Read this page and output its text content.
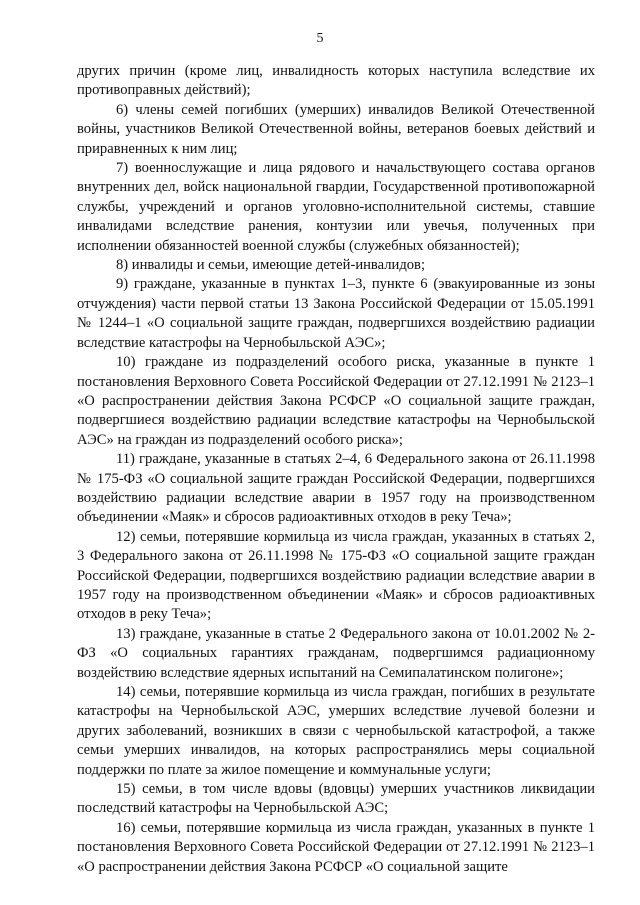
5

других причин (кроме лиц, инвалидность которых наступила вследствие их противоправных действий);

6) члены семей погибших (умерших) инвалидов Великой Отечественной войны, участников Великой Отечественной войны, ветеранов боевых действий и приравненных к ним лиц;

7) военнослужащие и лица рядового и начальствующего состава органов внутренних дел, войск национальной гвардии, Государственной противопожарной службы, учреждений и органов уголовно-исполнительной системы, ставшие инвалидами вследствие ранения, контузии или увечья, полученных при исполнении обязанностей военной службы (служебных обязанностей);

8) инвалиды и семьи, имеющие детей-инвалидов;

9) граждане, указанные в пунктах 1–3, пункте 6 (эвакуированные из зоны отчуждения) части первой статьи 13 Закона Российской Федерации от 15.05.1991 № 1244–1 «О социальной защите граждан, подвергшихся воздействию радиации вследствие катастрофы на Чернобыльской АЭС»;

10) граждане из подразделений особого риска, указанные в пункте 1 постановления Верховного Совета Российской Федерации от 27.12.1991 № 2123–1 «О распространении действия Закона РСФСР «О социальной защите граждан, подвергшиеся воздействию радиации вследствие катастрофы на Чернобыльской АЭС» на граждан из подразделений особого риска»;

11) граждане, указанные в статьях 2–4, 6 Федерального закона от 26.11.1998 № 175-ФЗ «О социальной защите граждан Российской Федерации, подвергшихся воздействию радиации вследствие аварии в 1957 году на производственном объединении «Маяк» и сбросов радиоактивных отходов в реку Теча»;

12) семьи, потерявшие кормильца из числа граждан, указанных в статьях 2, 3 Федерального закона от 26.11.1998 № 175-ФЗ «О социальной защите граждан Российской Федерации, подвергшихся воздействию радиации вследствие аварии в 1957 году на производственном объединении «Маяк» и сбросов радиоактивных отходов в реку Теча»;

13) граждане, указанные в статье 2 Федерального закона от 10.01.2002 № 2-ФЗ «О социальных гарантиях гражданам, подвергшимся радиационному воздействию вследствие ядерных испытаний на Семипалатинском полигоне»;

14) семьи, потерявшие кормильца из числа граждан, погибших в результате катастрофы на Чернобыльской АЭС, умерших вследствие лучевой болезни и других заболеваний, возникших в связи с чернобыльской катастрофой, а также семьи умерших инвалидов, на которых распространялись меры социальной поддержки по плате за жилое помещение и коммунальные услуги;

15) семьи, в том числе вдовы (вдовцы) умерших участников ликвидации последствий катастрофы на Чернобыльской АЭС;

16) семьи, потерявшие кормильца из числа граждан, указанных в пункте 1 постановления Верховного Совета Российской Федерации от 27.12.1991 № 2123–1 «О распространении действия Закона РСФСР «О социальной защите
